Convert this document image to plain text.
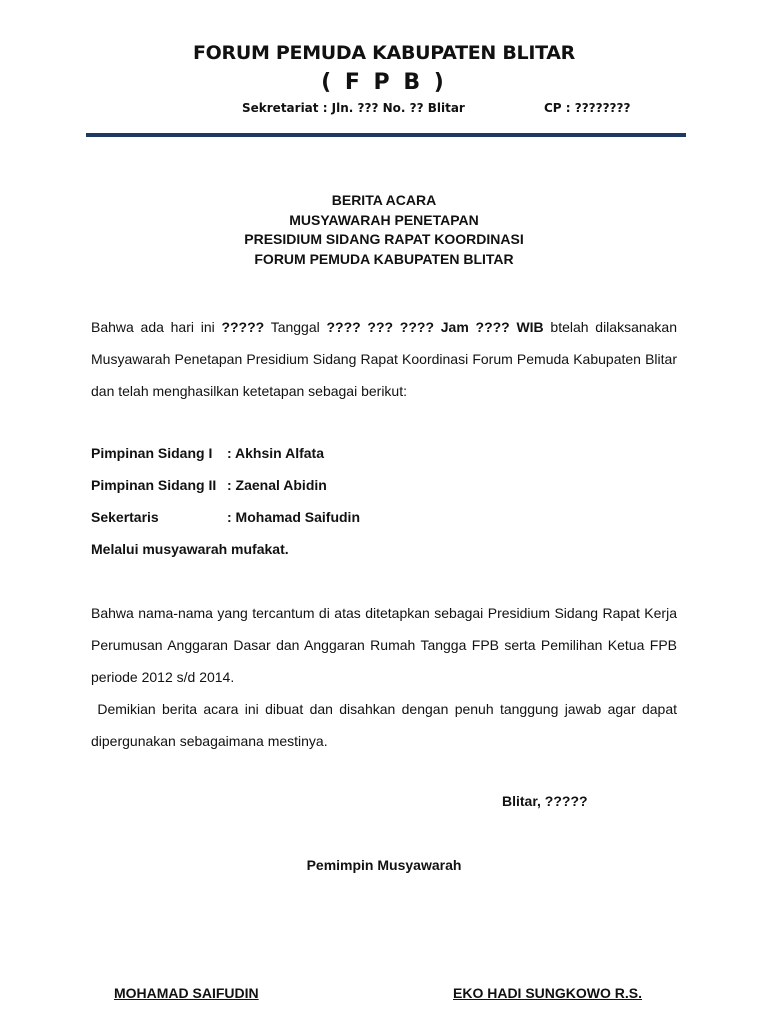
FORUM PEMUDA KABUPATEN BLITAR
( F P B )
Sekretariat : Jln. ??? No. ?? Blitar	CP : ????????
BERITA ACARA
MUSYAWARAH PENETAPAN
PRESIDIUM SIDANG RAPAT KOORDINASI
FORUM PEMUDA KABUPATEN BLITAR
Bahwa ada hari ini ????? Tanggal ???? ??? ???? Jam ???? WIB btelah dilaksanakan
Musyawarah Penetapan Presidium Sidang Rapat Koordinasi Forum Pemuda Kabupaten Blitar
dan telah menghasilkan ketetapan sebagai berikut:
Pimpinan Sidang I	: Akhsin Alfata
Pimpinan Sidang II : Zaenal Abidin
Sekertaris	: Mohamad Saifudin
Melalui musyawarah mufakat.
Bahwa nama-nama yang tercantum di atas ditetapkan sebagai Presidium Sidang Rapat Kerja
Perumusan Anggaran Dasar dan Anggaran Rumah Tangga FPB serta Pemilihan Ketua FPB
periode 2012 s/d 2014.
Demikian berita acara ini dibuat dan disahkan dengan penuh tanggung jawab agar dapat
dipergunakan sebagaimana mestinya.
Blitar, ?????
Pemimpin Musyawarah
MOHAMAD SAIFUDIN	EKO HADI SUNGKOWO R.S.
